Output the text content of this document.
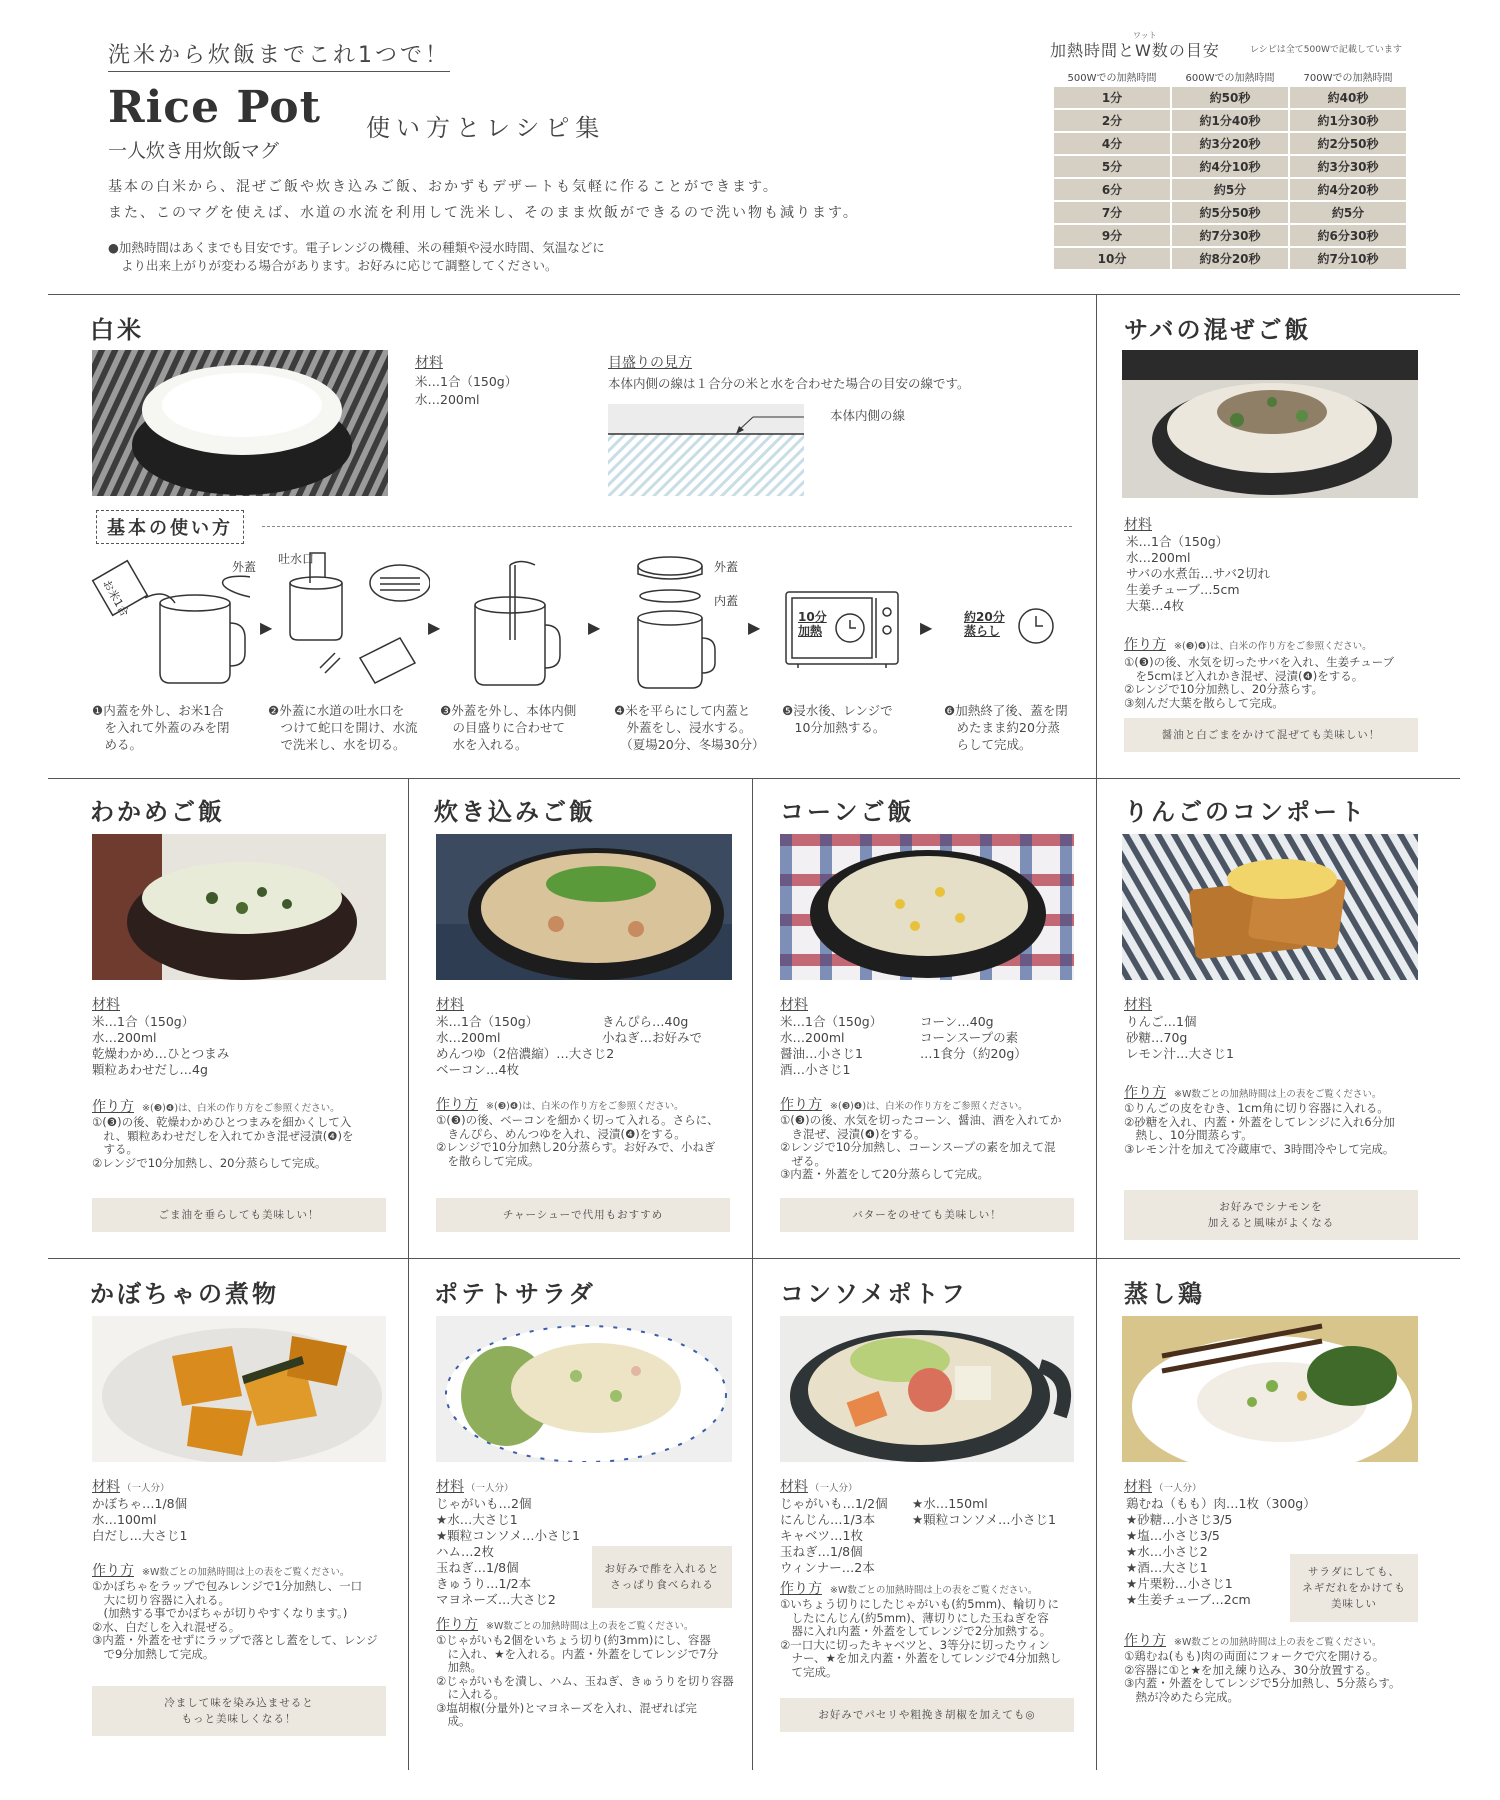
洗米から炊飯までこれ1つで！
Rice Pot
一人炊き用炊飯マグ
使い方とレシピ集
基本の白米から、混ぜご飯や炊き込みご飯、おかずもデザートも気軽に作ることができます。
また、このマグを使えば、水道の水流を利用して洗米し、そのまま炊飯ができるので洗い物も減ります。
●加熱時間はあくまでも目安です。電子レンジの機種、米の種類や浸水時間、気温などに
より出来上がりが変わる場合があります。お好みに応じて調整してください。
ワット
加熱時間とW数の目安	レシピは全て500Wで記載しています
500Wでの加熱時間	600Wでの加熱時間	700Wでの加熱時間
1分	約50秒	約40秒
2分	約1分40秒	約1分30秒
4分	約3分20秒	約2分50秒
5分	約4分10秒	約3分30秒
6分	約5分	約4分20秒
7分	約5分50秒	約5分
9分	約7分30秒	約6分30秒
10分	約8分20秒	約7分10秒
白米
材料
米…1合（150g）
水…200ml
目盛りの見方
本体内側の線は１合分の米と水を合わせた場合の目安の線です。
本体内側の線
基本の使い方
外蓋
お米1合
▶
吐水口
▶	▶
外蓋
内蓋
▶
10分
加熱	▶
約20分
蒸らし
❶内蓋を外し、お米1合
　を入れて外蓋のみを閉
　める。
❷外蓋に水道の吐水口を
　つけて蛇口を開け、水流
　で洗米し、水を切る。
❸外蓋を外し、本体内側
　の目盛りに合わせて
　水を入れる。
❹米を平らにして内蓋と
　外蓋をし、浸水する。
　（夏場20分、冬場30分）
❺浸水後、レンジで
　10分加熱する。
❻加熱終了後、蓋を閉
　めたまま約20分蒸
　らして完成。
サバの混ぜご飯
材料
米…1合（150g）
水…200ml
サバの水煮缶…サバ2切れ
生姜チューブ…5cm
大葉…4枚
作り方 ※(❸)❹)は、白米の作り方をご参照ください。
①(❸)の後、水気を切ったサバを入れ、生姜チューブ
　を5cmほど入れかき混ぜ、浸漬(❹)をする。
②レンジで10分加熱し、20分蒸らす。
③刻んだ大葉を散らして完成。
醤油と白ごまをかけて混ぜても美味しい！
わかめご飯
材料
米…1合（150g）
水…200ml
乾燥わかめ…ひとつまみ
顆粒あわせだし…4g
作り方 ※(❸)❹)は、白米の作り方をご参照ください。
①(❸)の後、乾燥わかめひとつまみを細かくして入
　れ、顆粒あわせだしを入れてかき混ぜ浸漬(❹)を
　する。
②レンジで10分加熱し、20分蒸らして完成。
ごま油を垂らしても美味しい！
炊き込みご飯
材料
米…1合（150g）
水…200ml
めんつゆ（2倍濃縮）…大さじ2
ベーコン…4枚
きんぴら…40g
小ねぎ…お好みで
作り方 ※(❸)❹)は、白米の作り方をご参照ください。
①(❸)の後、ベーコンを細かく切って入れる。さらに、
　きんぴら、めんつゆを入れ、浸漬(❹)をする。
②レンジで10分加熱し20分蒸らす。お好みで、小ねぎ
　を散らして完成。
チャーシューで代用もおすすめ
コーンご飯
材料
米…1合（150g）
水…200ml
醤油…小さじ1
酒…小さじ1
コーン…40g
コーンスープの素
…1食分（約20g）
作り方 ※(❸)❹)は、白米の作り方をご参照ください。
①(❸)の後、水気を切ったコーン、醤油、酒を入れてか
　き混ぜ、浸漬(❹)をする。
②レンジで10分加熱し、コーンスープの素を加えて混
　ぜる。
③内蓋・外蓋をして20分蒸らして完成。
バターをのせても美味しい！
りんごのコンポート
材料
りんご…1個
砂糖…70g
レモン汁…大さじ1
作り方 ※W数ごとの加熱時間は上の表をご覧ください。
①りんごの皮をむき、1cm角に切り容器に入れる。
②砂糖を入れ、内蓋・外蓋をしてレンジに入れ6分加
　熱し、10分間蒸らす。
③レモン汁を加えて冷蔵庫で、3時間冷やして完成。
お好みでシナモンを
加えると風味がよくなる
かぼちゃの煮物
材料 （一人分）
かぼちゃ…1/8個
水…100ml
白だし…大さじ1
作り方 ※W数ごとの加熱時間は上の表をご覧ください。
①かぼちゃをラップで包みレンジで1分加熱し、一口
　大に切り容器に入れる。
　(加熱する事でかぼちゃが切りやすくなります。)
②水、白だしを入れ混ぜる。
③内蓋・外蓋をせずにラップで落とし蓋をして、レンジ
　で9分加熱して完成。
冷まして味を染み込ませると
もっと美味しくなる！
ポテトサラダ
材料 （一人分）
じゃがいも…2個
★水…大さじ1
★顆粒コンソメ…小さじ1
ハム…2枚
玉ねぎ…1/8個
きゅうり…1/2本
マヨネーズ…大さじ2
お好みで酢を入れると
さっぱり食べられる
作り方 ※W数ごとの加熱時間は上の表をご覧ください。
①じゃがいも2個をいちょう切り(約3mm)にし、容器
　に入れ、★を入れる。内蓋・外蓋をしてレンジで7分
　加熱。
②じゃがいもを潰し、ハム、玉ねぎ、きゅうりを切り容器
　に入れる。
③塩胡椒(分量外)とマヨネーズを入れ、混ぜれば完
　成。
コンソメポトフ
材料 （一人分）
じゃがいも…1/2個
にんじん…1/3本
キャベツ…1枚
玉ねぎ…1/8個
ウィンナー…2本
★水…150ml
★顆粒コンソメ…小さじ1
作り方 ※W数ごとの加熱時間は上の表をご覧ください。
①いちょう切りにしたじゃがいも(約5mm)、輪切りに
　したにんじん(約5mm)、薄切りにした玉ねぎを容
　器に入れ内蓋・外蓋をしてレンジで2分加熱する。
②一口大に切ったキャベツと、3等分に切ったウィン
　ナー、★を加え内蓋・外蓋をしてレンジで4分加熱し
　て完成。
お好みでパセリや粗挽き胡椒を加えても◎
蒸し鶏
材料 （一人分）
鶏むね（もも）肉…1枚（300g）
★砂糖…小さじ3/5
★塩…小さじ3/5
★水…小さじ2
★酒…大さじ1
★片栗粉…小さじ1
★生姜チューブ…2cm
サラダにしても、
ネギだれをかけても
美味しい
作り方 ※W数ごとの加熱時間は上の表をご覧ください。
①鶏むね(もも)肉の両面にフォークで穴を開ける。
②容器に①と★を加え練り込み、30分放置する。
③内蓋・外蓋をしてレンジで5分加熱し、5分蒸らす。
　熱が冷めたら完成。
